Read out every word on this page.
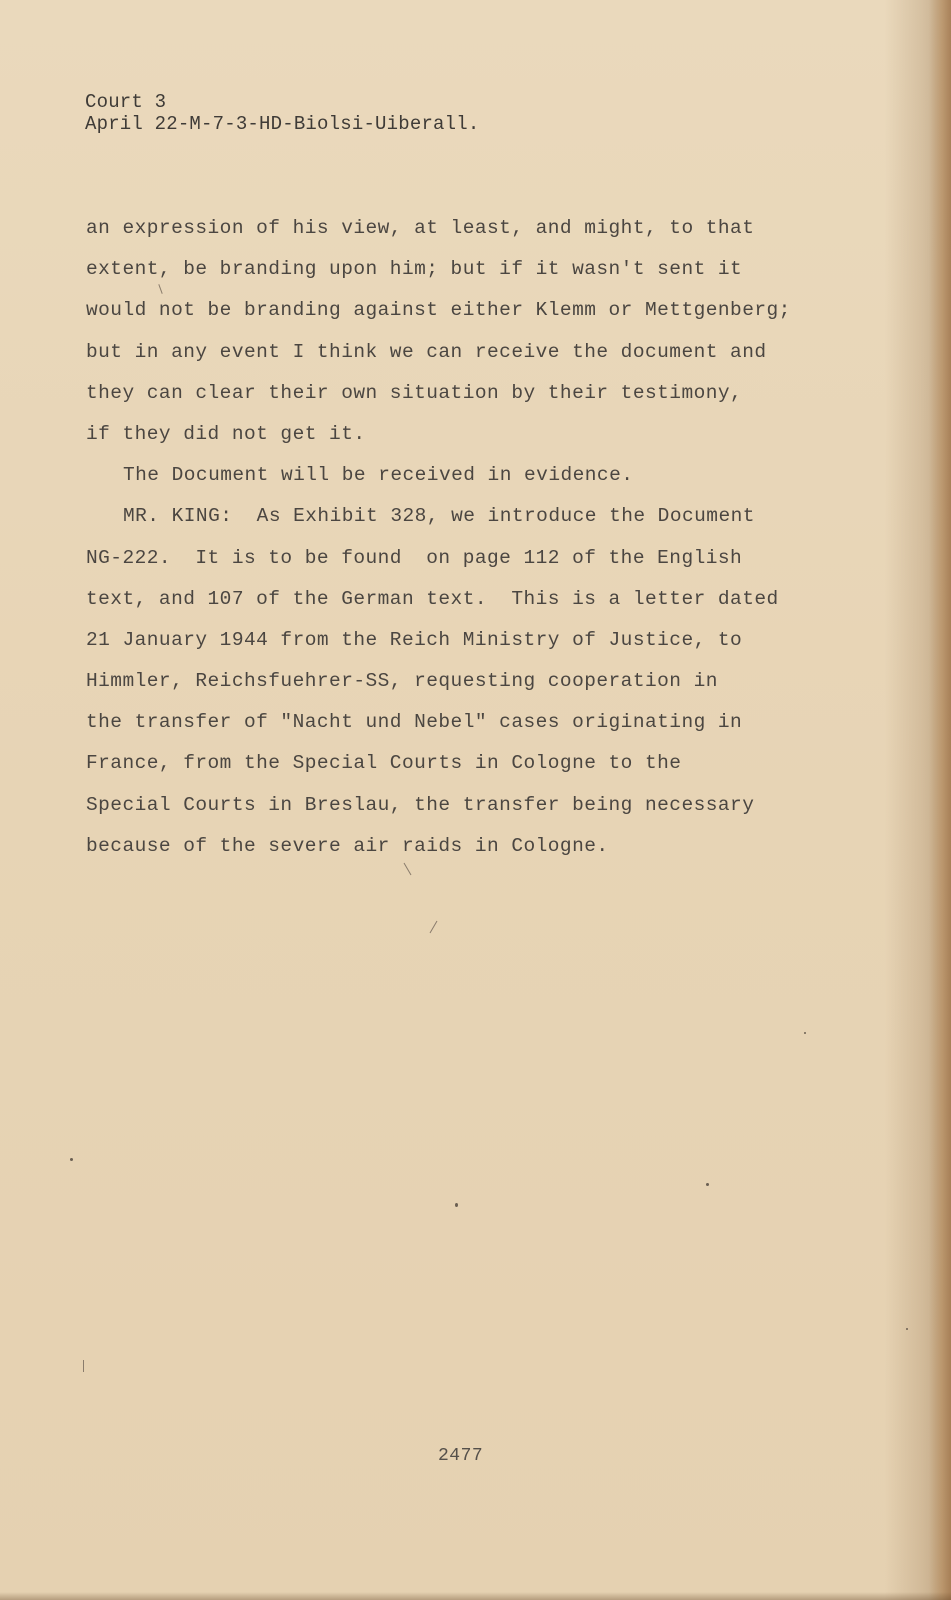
Court 3
April 22-M-7-3-HD-Biolsi-Uiberall.
an expression of his view, at least, and might, to that
extent, be branding upon him; but if it wasn't sent it
would not be branding against either Klemm or Mettgenberg;
but in any event I think we can receive the document and
they can clear their own situation by their testimony,
if they did not get it.
The Document will be received in evidence.
MR. KING:  As Exhibit 328, we introduce the Document
NG-222.  It is to be found  on page 112 of the English
text, and 107 of the German text.  This is a letter dated
21 January 1944 from the Reich Ministry of Justice, to
Himmler, Reichsfuehrer-SS, requesting cooperation in
the transfer of "Nacht und Nebel" cases originating in
France, from the Special Courts in Cologne to the
Special Courts in Breslau, the transfer being necessary
because of the severe air raids in Cologne.
2477
